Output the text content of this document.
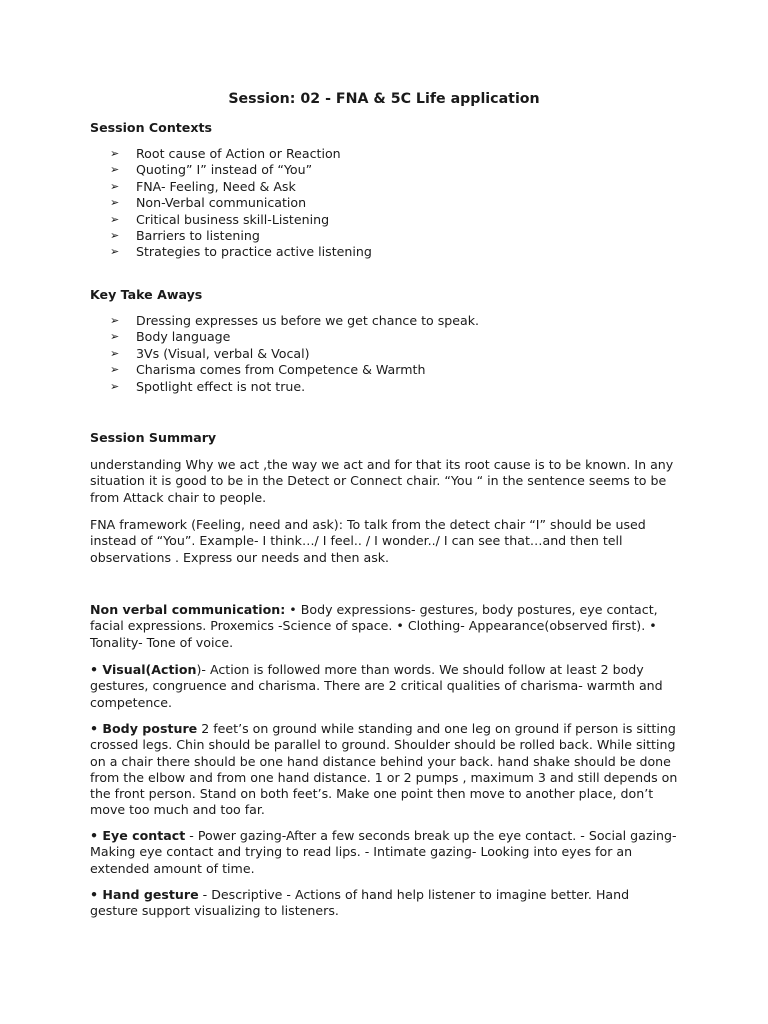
Session: 02 - FNA & 5C Life application
Session Contexts
➢ Root cause of Action or Reaction
➢ Quoting” I” instead of “You”
➢ FNA- Feeling, Need & Ask
➢ Non-Verbal communication
➢ Critical business skill-Listening
➢ Barriers to listening
➢ Strategies to practice active listening
Key Take Aways
➢ Dressing expresses us before we get chance to speak.
➢ Body language
➢ 3Vs (Visual, verbal & Vocal)
➢ Charisma comes from Competence & Warmth
➢ Spotlight effect is not true.
Session Summary

understanding Why we act ,the way we act and for that its root cause is to be known. In any
situation it is good to be in the Detect or Connect chair. “You “ in the sentence seems to be
from Attack chair to people.

FNA framework (Feeling, need and ask): To talk from the detect chair “I” should be used
instead of “You”. Example- I think…/ I feel.. / I wonder../ I can see that…and then tell
observations . Express our needs and then ask.

Non verbal communication: • Body expressions- gestures, body postures, eye contact,
facial expressions. Proxemics -Science of space. • Clothing- Appearance(observed first). •
Tonality- Tone of voice.

• Visual(Action)- Action is followed more than words. We should follow at least 2 body
gestures, congruence and charisma. There are 2 critical qualities of charisma- warmth and
competence.

• Body posture 2 feet’s on ground while standing and one leg on ground if person is sitting
crossed legs. Chin should be parallel to ground. Shoulder should be rolled back. While sitting
on a chair there should be one hand distance behind your back. hand shake should be done
from the elbow and from one hand distance. 1 or 2 pumps , maximum 3 and still depends on
the front person. Stand on both feet’s. Make one point then move to another place, don’t
move too much and too far.

• Eye contact - Power gazing-After a few seconds break up the eye contact. - Social gazing-
Making eye contact and trying to read lips. - Intimate gazing- Looking into eyes for an
extended amount of time.

• Hand gesture - Descriptive - Actions of hand help listener to imagine better. Hand
gesture support visualizing to listeners.
